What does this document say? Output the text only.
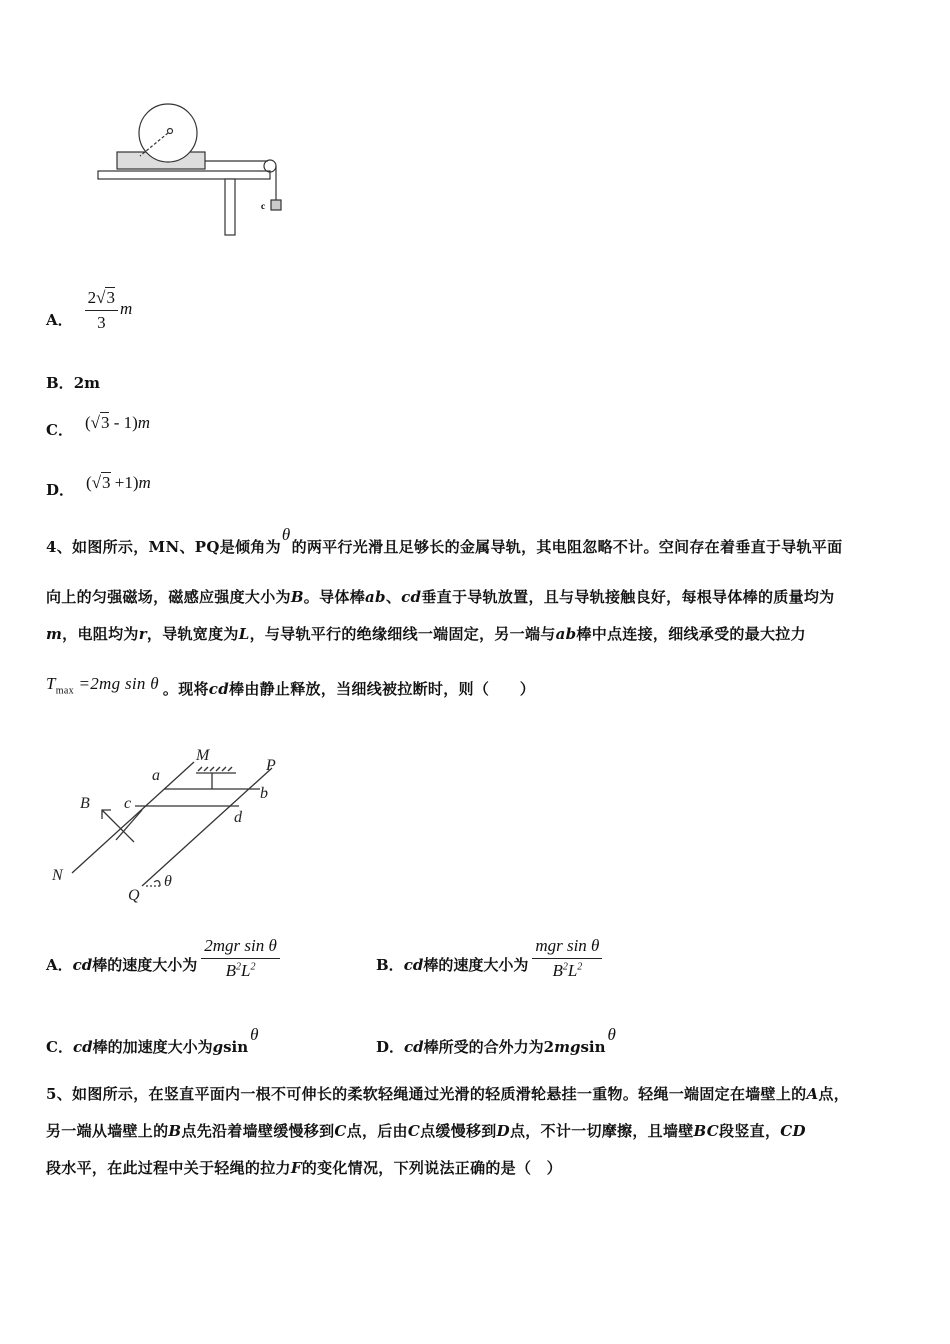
c
A． $\frac{2√3}{3}$ m
B．2m
C． (√3 - 1)m
D． (√3 +1)m
4、如图所示，MN、PQ是倾角为θ的两平行光滑且足够长的金属导轨，其电阻忽略不计。空间存在着垂直于导轨平面
向上的匀强磁场，磁感应强度大小为B。导体棒ab、cd垂直于导轨放置，且与导轨接触良好，每根导体棒的质量均为
m，电阻均为r，导轨宽度为L，与导轨平行的绝缘细线一端固定，另一端与ab棒中点连接，细线承受的最大拉力
$T_{max} =2mg$ sin θ 。现将 cd 棒由静止释放，当细线被拉断时，则（　　）
M
P
a
b
B c
d
N
Q
θ
A． cd 棒的速度大小为 $\frac{\text{2mgr sin θ}}{B^2L^2}$	B． cd 棒的速度大小为 $\frac{\text{mgr sin θ}}{B^2L^2}$
C．cd棒的加速度大小为gsinθ
D．cd棒所受的合外力为2mgsinθ
5、如图所示，在竖直平面内一根不可伸长的柔软轻绳通过光滑的轻质滑轮悬挂一重物。轻绳一端固定在墙壁上的A点，
另一端从墙壁上的B点先沿着墙壁缓慢移到C点，后由C点缓慢移到D点，不计一切摩擦，且墙壁BC段竖直，CD
段水平，在此过程中关于轻绳的拉力F的变化情况，下列说法正确的是（　）
